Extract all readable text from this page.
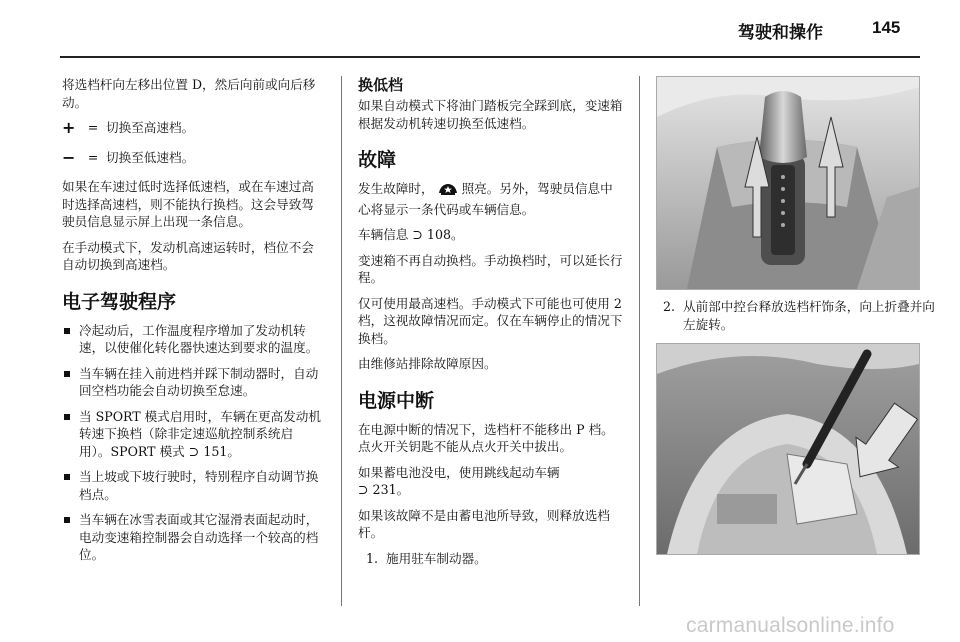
驾驶和操作	145

将选档杆向左移出位置 D，然后向前或向后移动。

+ = 切换至高速档。
− = 切换至低速档。

如果在车速过低时选择低速档，或在车速过高时选择高速档，则不能执行换档。这会导致驾驶员信息显示屏上出现一条信息。

在手动模式下，发动机高速运转时，档位不会自动切换到高速档。

电子驾驶程序
冷起动后，工作温度程序增加了发动机转速，以使催化转化器快速达到要求的温度。
当车辆在挂入前进档并踩下制动器时，自动回空档功能会自动切换至怠速。
当 SPORT 模式启用时，车辆在更高发动机转速下换档（除非定速巡航控制系统启用）。SPORT 模式 ⊃ 151。
当上坡或下坡行驶时，特别程序自动调节换档点。
当车辆在冰雪表面或其它湿滑表面起动时，电动变速箱控制器会自动选择一个较高的档位。
换低档

如果自动模式下将油门踏板完全踩到底，变速箱根据发动机转速切换至低速档。

故障

发生故障时， 照亮。另外，驾驶员信息中心将显示一条代码或车辆信息。

车辆信息 ⊃ 108。

变速箱不再自动换档。手动换档时，可以延长行程。

仅可使用最高速档。手动模式下可能也可使用 2 档，这视故障情况而定。仅在车辆停止的情况下换档。

由维修站排除故障原因。

电源中断

在电源中断的情况下，选档杆不能移出 P 档。点火开关钥匙不能从点火开关中拔出。

如果蓄电池没电，使用跳线起动车辆
⊃ 231。

如果该故障不是由蓄电池所导致，则释放选档杆。

1. 施用驻车制动器。
2. 从前部中控台释放选档杆饰条，向上折叠并向左旋转。
carmanualsonline.info
